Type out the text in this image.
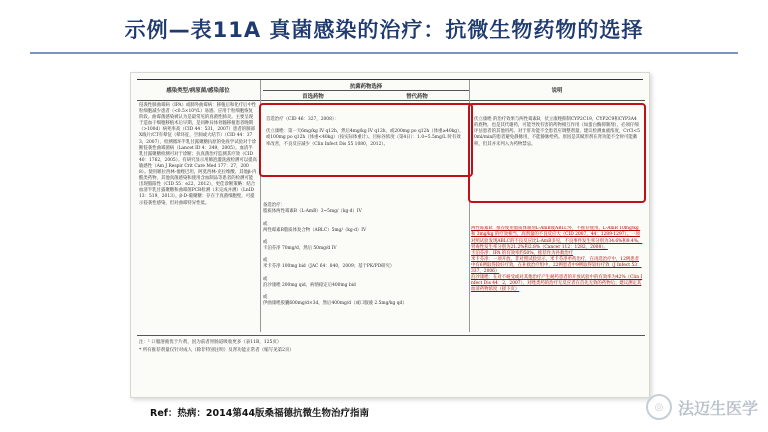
示例—表11A 真菌感染的治疗：抗微生物药物的选择
感染类型/病原菌/感染部位
抗菌药物选择
首选药物	替代药物
说明
侵袭性肺曲霉病（IPA）或肺外曲霉病：移植后和化疗后中性粒细胞减少患者（<0.5×10⁹/L）易感。应用于粒细胞恢复阶段。曲霉菌感染被认为是最常见的真菌性肺炎。主要呈现于造血干细胞移植术后早期，是同种异体骨髓移植患者晚期（>100d）病死率高（CID 44：531，2007）患者的肺部X线片/CT有晕征（晕环征，空洞或大结节）（CID 44：373，2007），检测循环半乳甘露聚糖抗原的免疫学试验对于诊断侵袭性曲霉菌病（Lancet ID 4：349，2005）。血清半乳甘露聚糖检测可对于诊断；抗真菌治疗监测其疗效（CID 40：1762，2005）。有研究显示用肺泡灌洗液检测可以提高敏感性（Am J Respir Crit Care Med 177：27，2008）。使用哌拉西林-他唑巴坦、阿莫西林-克拉维酸、其他β-内酰类药物、其他真菌感染和使用含血制品等患者的检测可能出现假阳性（CID 55：e22，2012），更佳诊断策略：结合血清半乳甘露聚糖和曲霉菌PCR检测（未完成并测）（LnID 13：519，2013）。β-D-葡聚糖：存在于真菌细胞壁，可提示侵袭性感染，但对曲霉特异性低。

首选治疗（CID 46：327，2008）：

伏立康唑：第一天6mg/kg IV q12h，然后4mg/kg IV q12h，或200mg po q12h（体重≥40kg），或100mg po q12h（体重<40kg）（按实际体重计）。目标谷浓度（第4日）：1.0~5.5mg/L 时有效率改善，不良反应减少（Clin Infect Dis 55 1080，2012）。

备选治疗：
脂质体两性霉素B（L-AmB）3~5mg/（kg·d）IV

或
两性霉素B脂质体复合物（ABLC）5mg/（kg·d）IV

或
卡泊芬净 70mg/d，然后 50mg/d IV

或
米卡芬净 100mg bid（JAC 64：840，2009；基于PK/PD研究）

或
泊沙康唑 200mg qid，病情稳定后400mg bid

或
伊曲康唑胶囊600mg/d×3d，然后400mg/d（或口服液 2.5mg/kg qd）

伏立康唑 的治疗效果与两性霉素B，伏立康唑抑制CYP2C19、CYP2C9和CYP3A4的底物，也是其代谢药，可能导致有害的药物相互作用（如蛋白酶抑制剂），必须仔细评估患者的其他用药。对于肝功能不全患者应调整剂量，建议检测血液浓度，CrCl<50ml/min的患者避免静脉用，不能静脉给药。原因是其赋形剂在肾功能不全时可能蓄积，但其并未列入为药物禁忌。

两性霉素B：推荐使用脂质体制剂L-AmB或ABLC外，不推荐使用。L-AmB 10mg/kg 和 3mg/kg 的疗效相当，高剂量的不良反应大（CID 2007，44：1289-1297）。一项对照试验发现ABLC的不良反应比L-AmB多见，不良事件发生率分别为34.6%和9.4%，肾毒性发生率分别为21.2%和2.8%（Cancer 112：1282，2008）。
卡泊芬净：IPA 的有效率约50%，推荐作为补救治疗
米卡芬净：一项开放、非对照试验显示，米卡芬净单药治疗，在再选治疗中，12例患者中有6例取得较好疗效，在补救治疗组中，22例患者中9例取得较好疗效（J Infect 53：337，2006）
泊沙康唑：在对不耐受或对其他治疗产生耐药患者的开放试验中的有效率为42%（Clin Infect Dis 44：2，2007），对唑类药的治疗无反应者在首先无效的药物后；建议测定其血清药物浓度（接下页）

注：¹ 口服溶液优于片剂，因为前者胃肠道吸收更多（表11B，125页）
* 所有推荐剂量仅针对成人（除非特别注明）及肾功能正常者（缩写见第2页）
Ref：热病：2014第44版桑福德抗微生物治疗指南
◎ 法迈生医学
